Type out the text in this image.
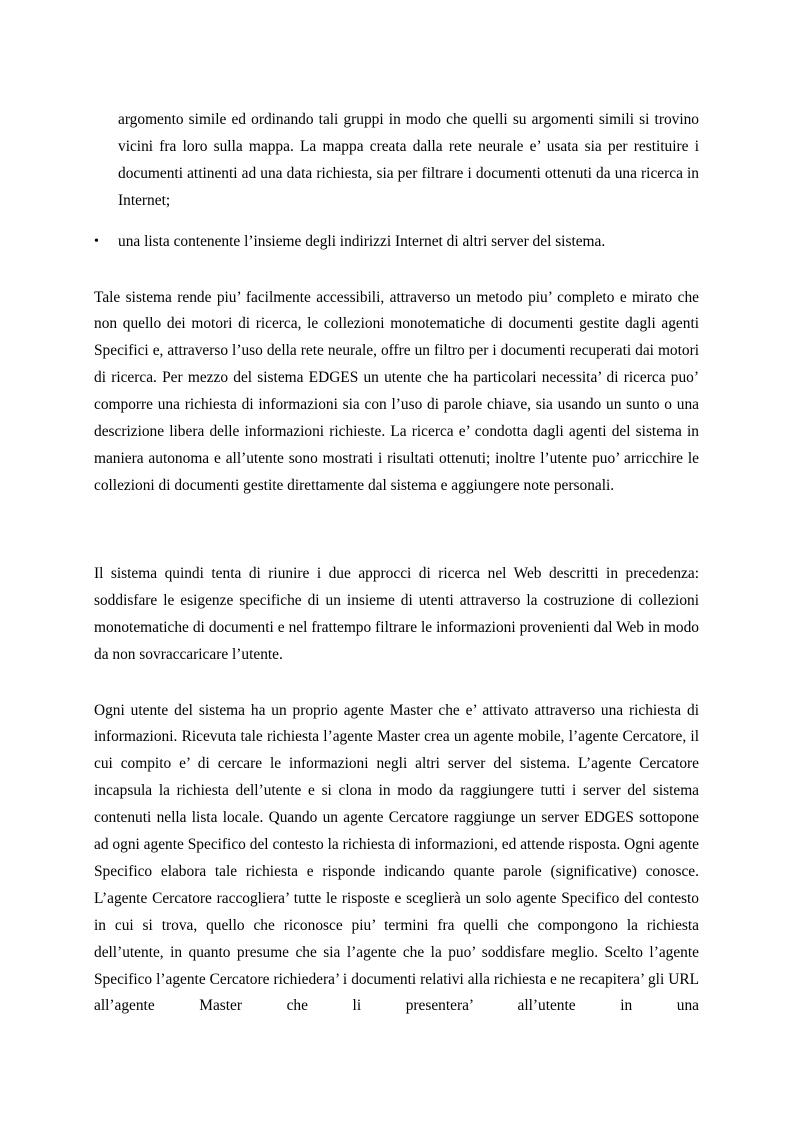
argomento simile ed ordinando tali gruppi in modo che quelli su argomenti simili si trovino vicini fra loro sulla mappa. La mappa creata dalla rete neurale e’ usata sia per restituire i documenti attinenti ad una data richiesta, sia per filtrare i documenti ottenuti da una ricerca in Internet;

• una lista contenente l’insieme degli indirizzi Internet di altri server del sistema.

Tale sistema rende piu’ facilmente accessibili, attraverso un metodo piu’ completo e mirato che non quello dei motori di ricerca, le collezioni monotematiche di documenti gestite dagli agenti Specifici e, attraverso l’uso della rete neurale, offre un filtro per i documenti recuperati dai motori di ricerca. Per mezzo del sistema EDGES un utente che ha particolari necessita’ di ricerca puo’ comporre una richiesta di informazioni sia con l’uso di parole chiave, sia usando un sunto o una descrizione libera delle informazioni richieste. La ricerca e’ condotta dagli agenti del sistema in maniera autonoma e all’utente sono mostrati i risultati ottenuti; inoltre l’utente puo’ arricchire le collezioni di documenti gestite direttamente dal sistema e aggiungere note personali.

Il sistema quindi tenta di riunire i due approcci di ricerca nel Web descritti in precedenza: soddisfare le esigenze specifiche di un insieme di utenti attraverso la costruzione di collezioni monotematiche di documenti e nel frattempo filtrare le informazioni provenienti dal Web in modo da non sovraccaricare l’utente.

Ogni utente del sistema ha un proprio agente Master che e’ attivato attraverso una richiesta di informazioni. Ricevuta tale richiesta l’agente Master crea un agente mobile, l’agente Cercatore, il cui compito e’ di cercare le informazioni negli altri server del sistema. L’agente Cercatore incapsula la richiesta dell’utente e si clona in modo da raggiungere tutti i server del sistema contenuti nella lista locale. Quando un agente Cercatore raggiunge un server EDGES sottopone ad ogni agente Specifico del contesto la richiesta di informazioni, ed attende risposta. Ogni agente Specifico elabora tale richiesta e risponde indicando quante parole (significative) conosce. L’agente Cercatore raccogliera’ tutte le risposte e sceglierà un solo agente Specifico del contesto in cui si trova, quello che riconosce piu’ termini fra quelli che compongono la richiesta dell’utente, in quanto presume che sia l’agente che la puo’ soddisfare meglio. Scelto l’agente Specifico l’agente Cercatore richiedera’ i documenti relativi alla richiesta e ne recapitera’ gli URL all’agente Master che li presentera’ all’utente in una
